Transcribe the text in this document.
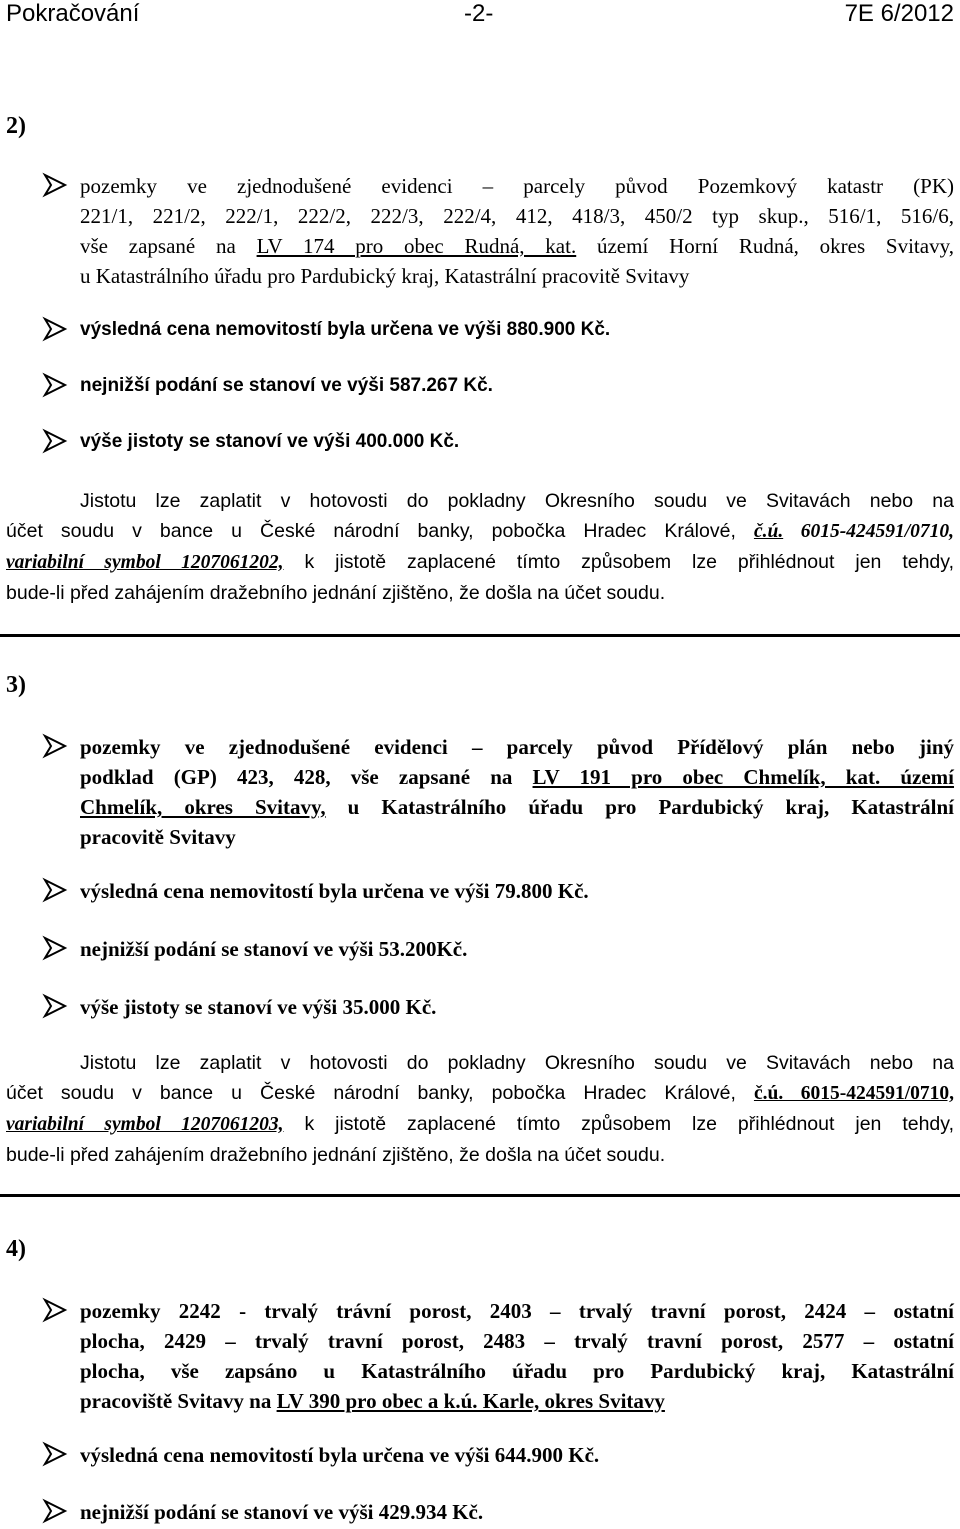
Pokračování	-2-	7E 6/2012
2)
pozemky ve zjednodušené evidenci – parcely původ Pozemkový katastr (PK)
221/1, 221/2, 222/1, 222/2, 222/3, 222/4, 412, 418/3, 450/2 typ skup., 516/1, 516/6,
vše zapsané na LV 174 pro obec Rudná, kat. území Horní Rudná, okres Svitavy,
u Katastrálního úřadu pro Pardubický kraj, Katastrální pracovitě Svitavy
výsledná cena nemovitostí byla určena ve výši 880.900 Kč.
nejnižší podání se stanoví ve výši 587.267 Kč.
výše jistoty se stanoví ve výši 400.000 Kč.
Jistotu lze zaplatit v hotovosti do pokladny Okresního soudu ve Svitavách nebo na
účet soudu v bance u České národní banky, pobočka Hradec Králové, č.ú. 6015-424591/0710,
variabilní symbol 1207061202, k jistotě zaplacené tímto způsobem lze přihlédnout jen tehdy,
bude-li před zahájením dražebního jednání zjištěno, že došla na účet soudu.
3)
pozemky ve zjednodušené evidenci – parcely původ Přídělový plán nebo jiný
podklad (GP) 423, 428, vše zapsané na LV 191 pro obec Chmelík, kat. území
Chmelík, okres Svitavy, u Katastrálního úřadu pro Pardubický kraj, Katastrální
pracovitě Svitavy
výsledná cena nemovitostí byla určena ve výši 79.800 Kč.
nejnižší podání se stanoví ve výši 53.200Kč.
výše jistoty se stanoví ve výši 35.000 Kč.
Jistotu lze zaplatit v hotovosti do pokladny Okresního soudu ve Svitavách nebo na
účet soudu v bance u České národní banky, pobočka Hradec Králové, č.ú. 6015-424591/0710,
variabilní symbol 1207061203, k jistotě zaplacené tímto způsobem lze přihlédnout jen tehdy,
bude-li před zahájením dražebního jednání zjištěno, že došla na účet soudu.
4)
pozemky 2242 - trvalý trávní porost, 2403 – trvalý travní porost, 2424 – ostatní
plocha, 2429 – trvalý travní porost, 2483 – trvalý travní porost, 2577 – ostatní
plocha, vše zapsáno u Katastrálního úřadu pro Pardubický kraj, Katastrální
pracoviště Svitavy na LV 390 pro obec a k.ú. Karle, okres Svitavy
výsledná cena nemovitostí byla určena ve výši 644.900 Kč.
nejnižší podání se stanoví ve výši 429.934 Kč.
